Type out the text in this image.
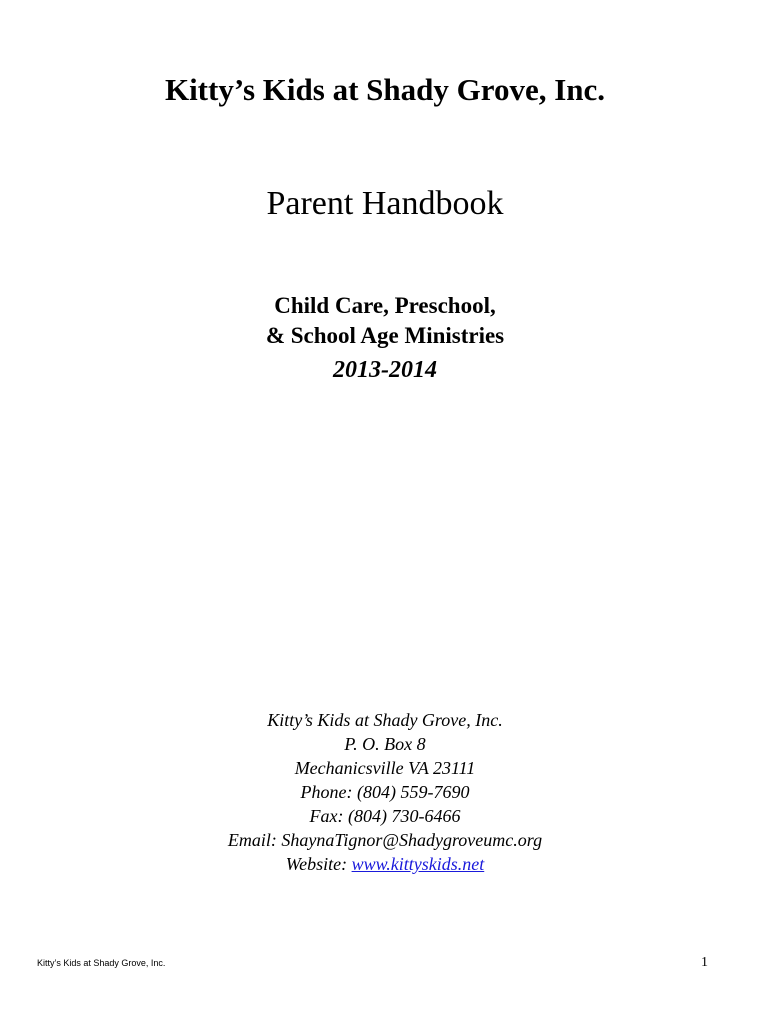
Kitty’s Kids at Shady Grove, Inc.
Parent Handbook
Child Care, Preschool,
& School Age Ministries
2013-2014
Kitty’s Kids at Shady Grove, Inc.
P. O. Box 8
Mechanicsville VA 23111
Phone: (804) 559-7690
Fax: (804) 730-6466
Email: ShaynaTignor@Shadygroveumc.org
Website: www.kittyskids.net
Kitty’s Kids at Shady Grove, Inc.	1
